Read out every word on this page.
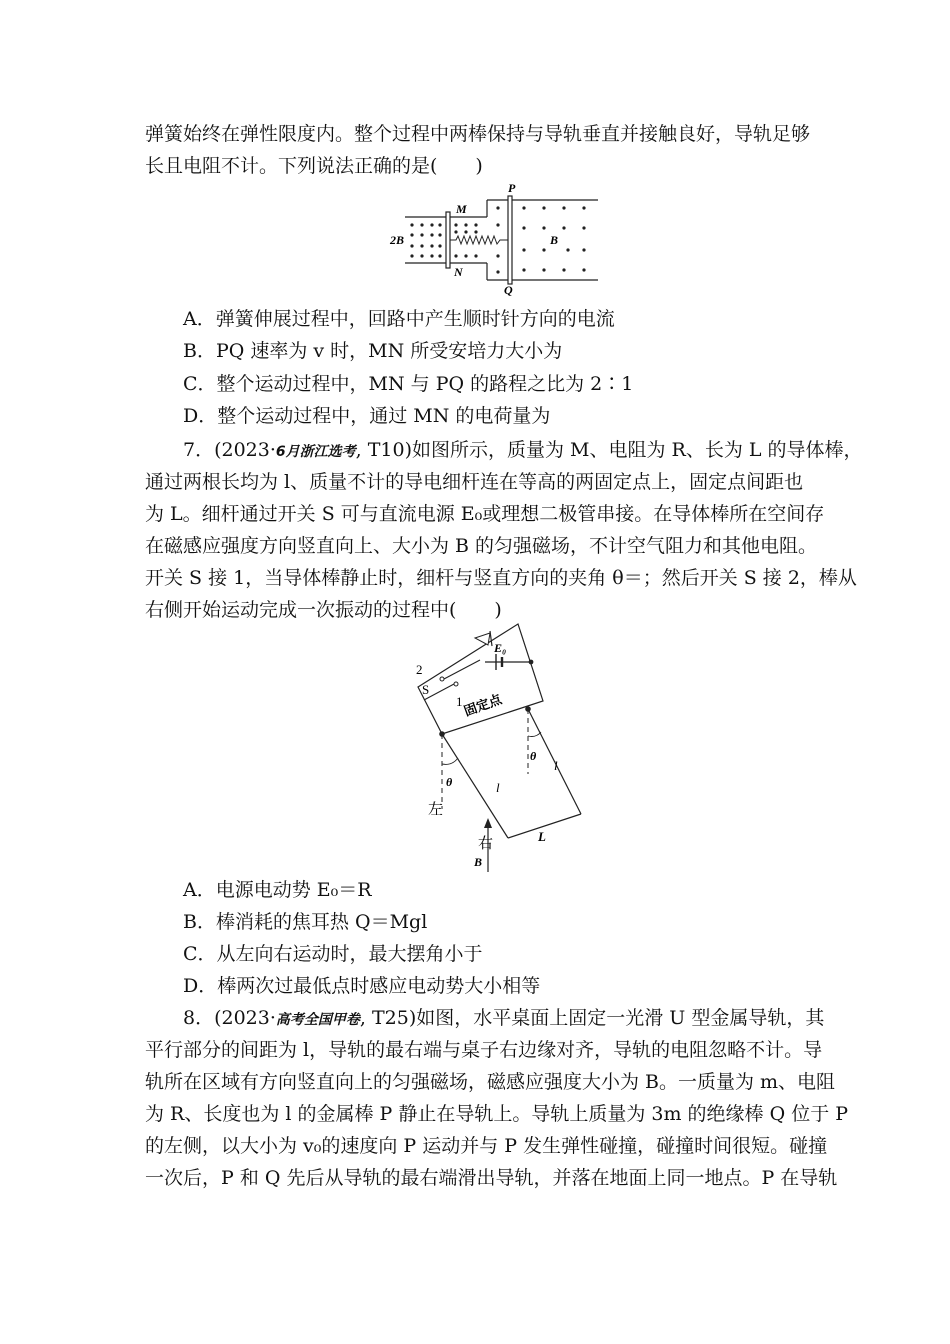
弹簧始终在弹性限度内。整个过程中两棒保持与导轨垂直并接触良好，导轨足够
长且电阻不计。下列说法正确的是(　　)
2B	B
M
N
P
Q
A．弹簧伸展过程中，回路中产生顺时针方向的电流
B．PQ 速率为 v 时，MN 所受安培力大小为
C．整个运动过程中，MN 与 PQ 的路程之比为 2∶1
D．整个运动过程中，通过 MN 的电荷量为
7．(2023·6月浙江选考, T10)如图所示，质量为 M、电阻为 R、长为 L 的导体棒，
通过两根长均为 l、质量不计的导电细杆连在等高的两固定点上，固定点间距也
为 L。细杆通过开关 S 可与直流电源 E₀或理想二极管串接。在导体棒所在空间存
在磁感应强度方向竖直向上、大小为 B 的匀强磁场，不计空气阻力和其他电阻。
开关 S 接 1，当导体棒静止时，细杆与竖直方向的夹角 θ＝；然后开关 S 接 2，棒从
右侧开始运动完成一次振动的过程中(　　)
2
S
1
E₀
固定点
θ
θ
l
l
左
右
B
L
A．电源电动势 E₀＝R
B．棒消耗的焦耳热 Q＝Mgl
C．从左向右运动时，最大摆角小于
D．棒两次过最低点时感应电动势大小相等
8．(2023·高考全国甲卷, T25)如图，水平桌面上固定一光滑 U 型金属导轨，其
平行部分的间距为 l，导轨的最右端与桌子右边缘对齐，导轨的电阻忽略不计。导
轨所在区域有方向竖直向上的匀强磁场，磁感应强度大小为 B。一质量为 m、电阻
为 R、长度也为 l 的金属棒 P 静止在导轨上。导轨上质量为 3m 的绝缘棒 Q 位于 P
的左侧，以大小为 v₀的速度向 P 运动并与 P 发生弹性碰撞，碰撞时间很短。碰撞
一次后，P 和 Q 先后从导轨的最右端滑出导轨，并落在地面上同一地点。P 在导轨
